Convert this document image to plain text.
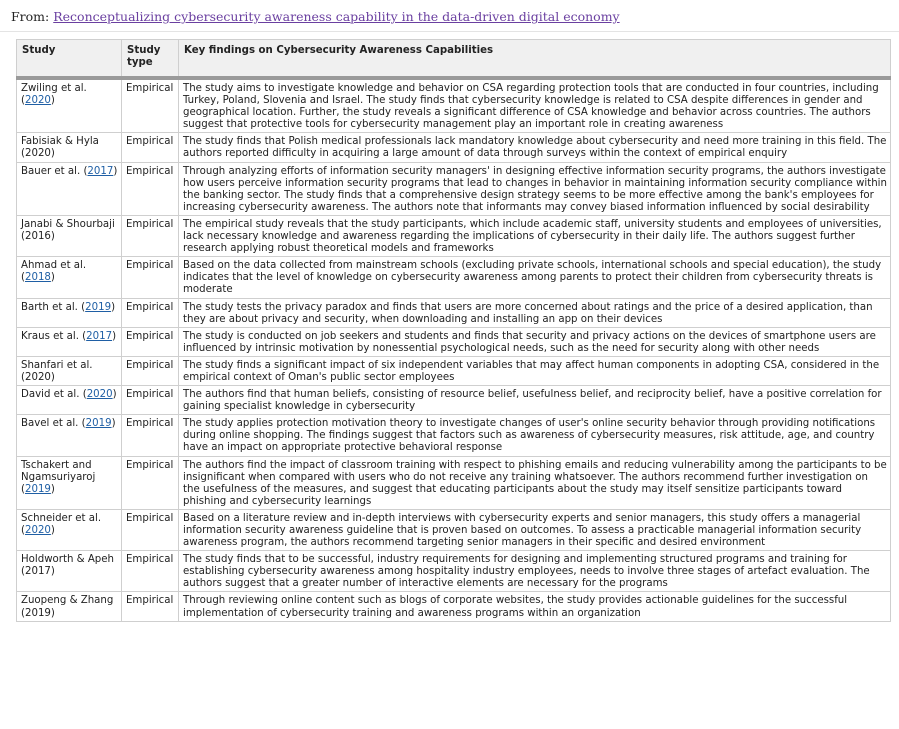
From: Reconceptualizing cybersecurity awareness capability in the data-driven digital economy
Study	Study type	Key findings on Cybersecurity Awareness Capabilities
Zwiling et al. (2020)	Empirical	The study aims to investigate knowledge and behavior on CSA regarding protection tools that are conducted in four countries, including Turkey, Poland, Slovenia and Israel. The study finds that cybersecurity knowledge is related to CSA despite differences in gender and geographical location. Further, the study reveals a significant difference of CSA knowledge and behavior across countries. The authors suggest that protective tools for cybersecurity management play an important role in creating awareness
Fabisiak & Hyla (2020)	Empirical	The study finds that Polish medical professionals lack mandatory knowledge about cybersecurity and need more training in this field. The authors reported difficulty in acquiring a large amount of data through surveys within the context of empirical enquiry
Bauer et al. (2017)	Empirical	Through analyzing efforts of information security managers' in designing effective information security programs, the authors investigate how users perceive information security programs that lead to changes in behavior in maintaining information security compliance within the banking sector. The study finds that a comprehensive design strategy seems to be more effective among the bank's employees for increasing cybersecurity awareness. The authors note that informants may convey biased information influenced by social desirability
Janabi & Shourbaji (2016)	Empirical	The empirical study reveals that the study participants, which include academic staff, university students and employees of universities, lack necessary knowledge and awareness regarding the implications of cybersecurity in their daily life. The authors suggest further research applying robust theoretical models and frameworks
Ahmad et al. (2018)	Empirical	Based on the data collected from mainstream schools (excluding private schools, international schools and special education), the study indicates that the level of knowledge on cybersecurity awareness among parents to protect their children from cybersecurity threats is moderate
Barth et al. (2019)	Empirical	The study tests the privacy paradox and finds that users are more concerned about ratings and the price of a desired application, than they are about privacy and security, when downloading and installing an app on their devices
Kraus et al. (2017)	Empirical	The study is conducted on job seekers and students and finds that security and privacy actions on the devices of smartphone users are influenced by intrinsic motivation by nonessential psychological needs, such as the need for security along with other needs
Shanfari et al. (2020)	Empirical	The study finds a significant impact of six independent variables that may affect human components in adopting CSA, considered in the empirical context of Oman's public sector employees
David et al. (2020)	Empirical	The authors find that human beliefs, consisting of resource belief, usefulness belief, and reciprocity belief, have a positive correlation for gaining specialist knowledge in cybersecurity
Bavel et al. (2019)	Empirical	The study applies protection motivation theory to investigate changes of user's online security behavior through providing notifications during online shopping. The findings suggest that factors such as awareness of cybersecurity measures, risk attitude, age, and country have an impact on appropriate protective behavioral response
Tschakert and Ngamsuriyaroj (2019)	Empirical	The authors find the impact of classroom training with respect to phishing emails and reducing vulnerability among the participants to be insignificant when compared with users who do not receive any training whatsoever. The authors recommend further investigation on the usefulness of the measures, and suggest that educating participants about the study may itself sensitize participants toward phishing and cybersecurity learnings
Schneider et al. (2020)	Empirical	Based on a literature review and in-depth interviews with cybersecurity experts and senior managers, this study offers a managerial information security awareness guideline that is proven based on outcomes. To assess a practicable managerial information security awareness program, the authors recommend targeting senior managers in their specific and desired environment
Holdworth & Apeh (2017)	Empirical	The study finds that to be successful, industry requirements for designing and implementing structured programs and training for establishing cybersecurity awareness among hospitality industry employees, needs to involve three stages of artefact evaluation. The authors suggest that a greater number of interactive elements are necessary for the programs
Zuopeng & Zhang (2019)	Empirical	Through reviewing online content such as blogs of corporate websites, the study provides actionable guidelines for the successful implementation of cybersecurity training and awareness programs within an organization
